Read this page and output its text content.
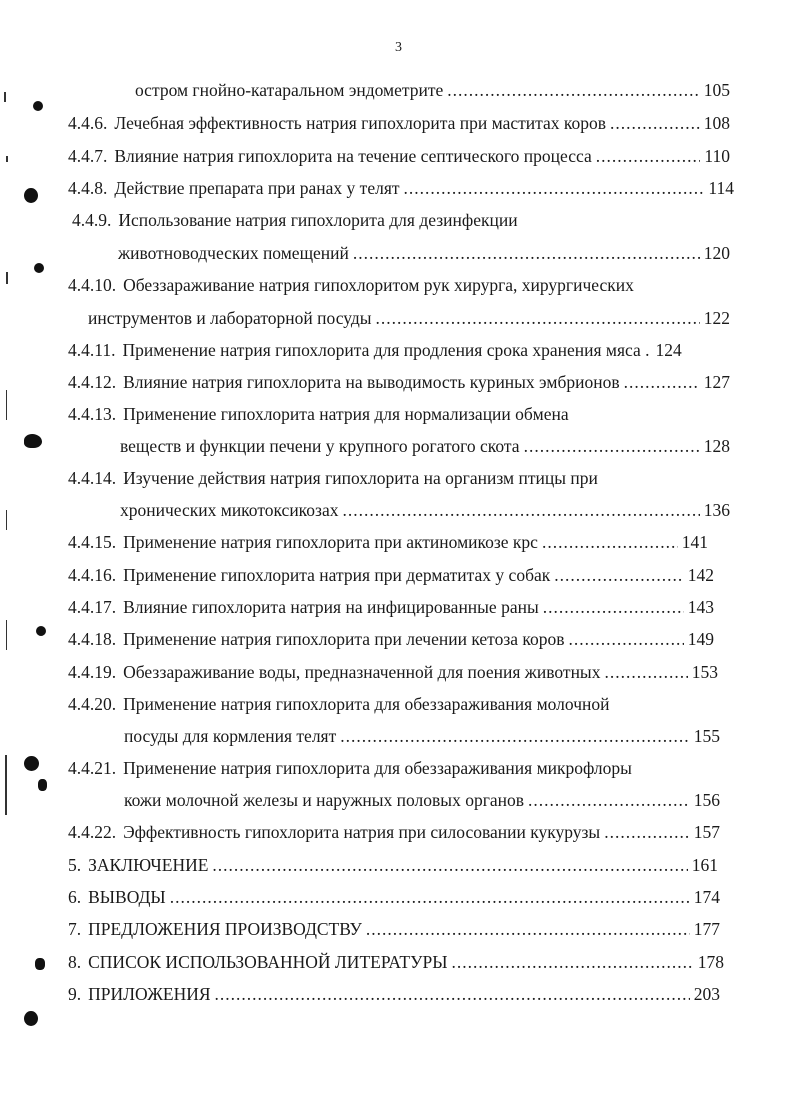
3
остром гнойно-катаральном эндометрите .....	105
4.4.6. Лечебная эффективность натрия гипохлорита при маститах коров .....	108
4.4.7. Влияние натрия гипохлорита на течение септического процесса .....	110
4.4.8. Действие препарата при ранах у телят .....	114
4.4.9. Использование натрия гипохлорита для дезинфекции
животноводческих помещений .....	120
4.4.10. Обеззараживание натрия гипохлоритом рук хирурга, хирургических
инструментов и лабораторной посуды .....	122
4.4.11. Применение натрия гипохлорита для продления срока хранения мяса . 124
4.4.12. Влияние натрия гипохлорита на выводимость куриных эмбрионов .....	127
4.4.13. Применение гипохлорита натрия для нормализации обмена
веществ и функции печени у крупного рогатого скота .....	128
4.4.14. Изучение действия натрия гипохлорита на организм птицы при
хронических микотоксикозах .....	136
4.4.15. Применение натрия гипохлорита при актиномикозе крс .....	141
4.4.16. Применение гипохлорита натрия при дерматитах у собак .....	142
4.4.17. Влияние гипохлорита натрия на инфицированные раны .....	143
4.4.18. Применение натрия гипохлорита при лечении кетоза коров .....	149
4.4.19. Обеззараживание воды, предназначенной для поения животных .....	153
4.4.20. Применение натрия гипохлорита для обеззараживания молочной
посуды для кормления телят .....	155
4.4.21. Применение натрия гипохлорита для обеззараживания микрофлоры
кожи молочной железы и наружных половых органов .....	156
4.4.22. Эффективность гипохлорита натрия при силосовании кукурузы .....	157
5. ЗАКЛЮЧЕНИЕ .....	161
6. ВЫВОДЫ .....	174
7. ПРЕДЛОЖЕНИЯ ПРОИЗВОДСТВУ .....	177
8. СПИСОК ИСПОЛЬЗОВАННОЙ ЛИТЕРАТУРЫ .....	178
9. ПРИЛОЖЕНИЯ .....	203
